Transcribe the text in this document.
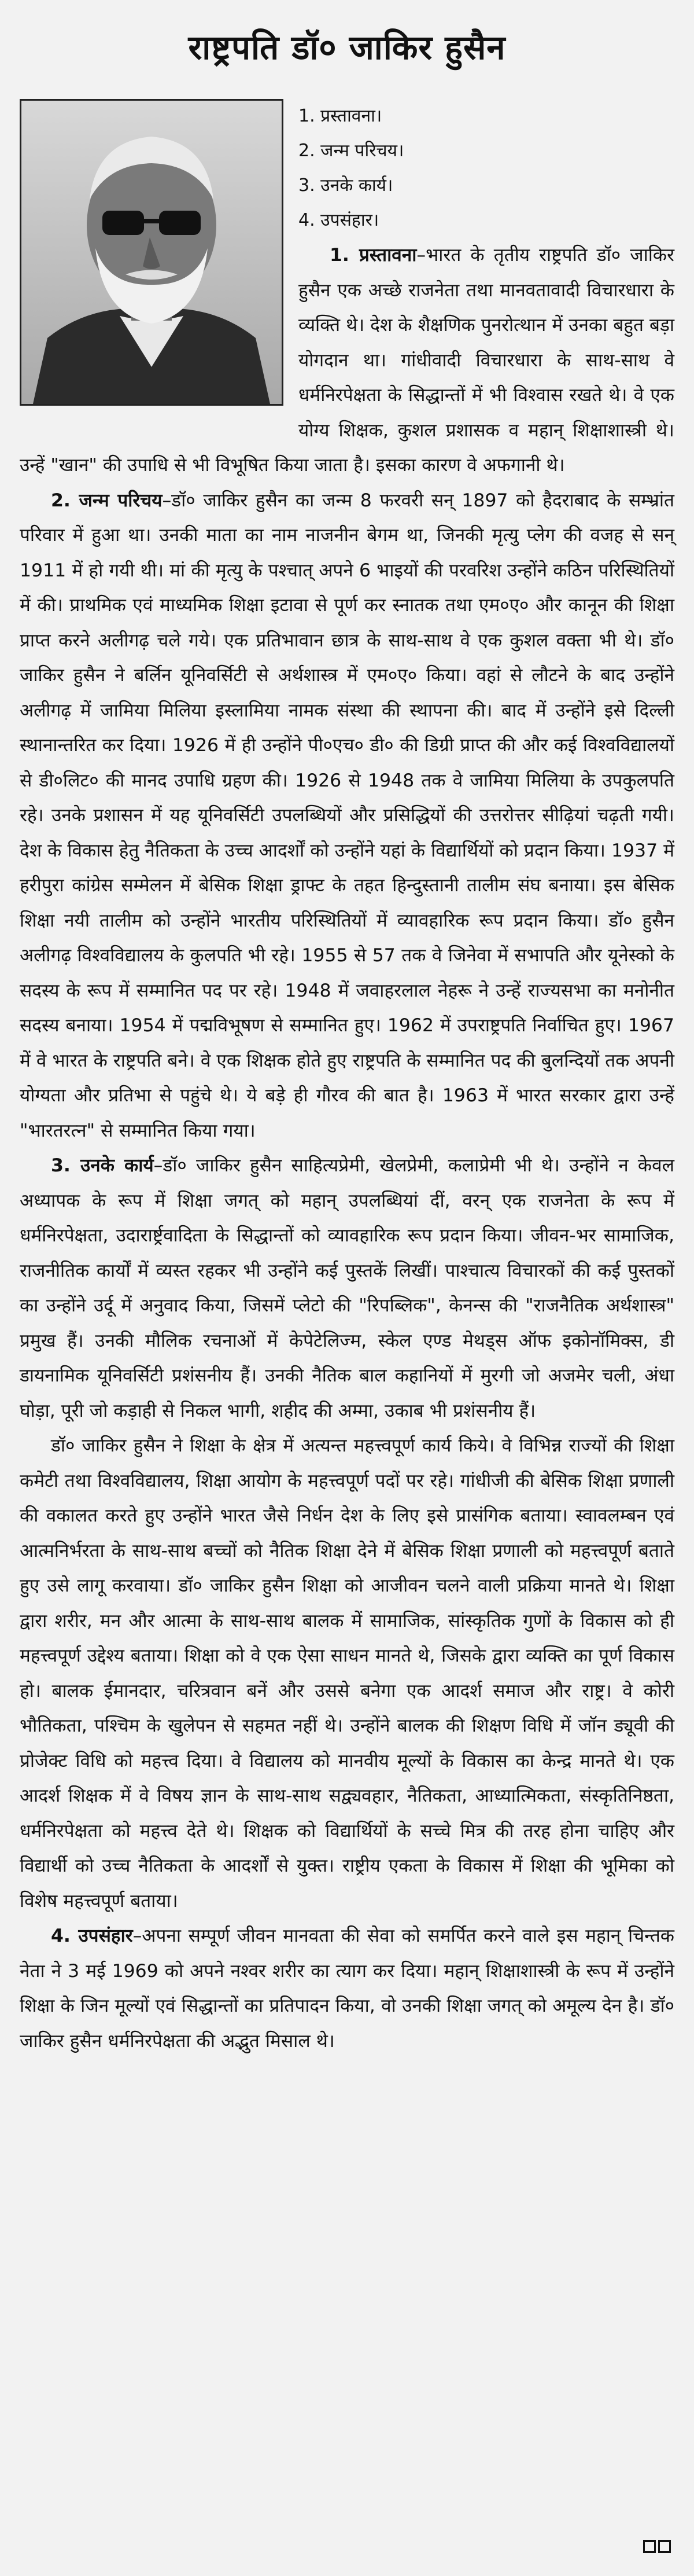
राष्ट्रपति डॉ० जाकिर हुसैन
1. प्रस्तावना।
2. जन्म परिचय।
3. उनके कार्य।
4. उपसंहार।

1. प्रस्तावना–भारत के तृतीय राष्ट्रपति डॉ० जाकिर हुसैन एक अच्छे राजनेता तथा मानवतावादी विचारधारा के व्यक्ति थे। देश के शैक्षणिक पुनरोत्थान में उनका बहुत बड़ा योगदान था। गांधीवादी विचारधारा के साथ-साथ वे धर्मनिरपेक्षता के सिद्धान्तों में भी विश्वास रखते थे। वे एक योग्य शिक्षक, कुशल प्रशासक व महान् शिक्षाशास्त्री थे। उन्हें "खान" की उपाधि से भी विभूषित किया जाता है। इसका कारण वे अफगानी थे।

2. जन्म परिचय–डॉ० जाकिर हुसैन का जन्म 8 फरवरी सन् 1897 को हैदराबाद के सम्भ्रांत परिवार में हुआ था। उनकी माता का नाम नाजनीन बेगम था, जिनकी मृत्यु प्लेग की वजह से सन् 1911 में हो गयी थी। मां की मृत्यु के पश्चात् अपने 6 भाइयों की परवरिश उन्होंने कठिन परिस्थितियों में की। प्राथमिक एवं माध्यमिक शिक्षा इटावा से पूर्ण कर स्नातक तथा एम०ए० और कानून की शिक्षा प्राप्त करने अलीगढ़ चले गये। एक प्रतिभावान छात्र के साथ-साथ वे एक कुशल वक्ता भी थे। डॉ० जाकिर हुसैन ने बर्लिन यूनिवर्सिटी से अर्थशास्त्र में एम०ए० किया। वहां से लौटने के बाद उन्होंने अलीगढ़ में जामिया मिलिया इस्लामिया नामक संस्था की स्थापना की। बाद में उन्होंने इसे दिल्ली स्थानान्तरित कर दिया। 1926 में ही उन्होंने पी०एच० डी० की डिग्री प्राप्त की और कई विश्वविद्यालयों से डी०लिट० की मानद उपाधि ग्रहण की। 1926 से 1948 तक वे जामिया मिलिया के उपकुलपति रहे। उनके प्रशासन में यह यूनिवर्सिटी उपलब्धियों और प्रसिद्धियों की उत्तरोत्तर सीढ़ियां चढ़ती गयी। देश के विकास हेतु नैतिकता के उच्च आदर्शों को उन्होंने यहां के विद्यार्थियों को प्रदान किया। 1937 में हरीपुरा कांग्रेस सम्मेलन में बेसिक शिक्षा ड्राफ्ट के तहत हिन्दुस्तानी तालीम संघ बनाया। इस बेसिक शिक्षा नयी तालीम को उन्होंने भारतीय परिस्थितियों में व्यावहारिक रूप प्रदान किया। डॉ० हुसैन अलीगढ़ विश्वविद्यालय के कुलपति भी रहे। 1955 से 57 तक वे जिनेवा में सभापति और यूनेस्को के सदस्य के रूप में सम्मानित पद पर रहे। 1948 में जवाहरलाल नेहरू ने उन्हें राज्यसभा का मनोनीत सदस्य बनाया। 1954 में पद्मविभूषण से सम्मानित हुए। 1962 में उपराष्ट्रपति निर्वाचित हुए। 1967 में वे भारत के राष्ट्रपति बने। वे एक शिक्षक होते हुए राष्ट्रपति के सम्मानित पद की बुलन्दियों तक अपनी योग्यता और प्रतिभा से पहुंचे थे। ये बड़े ही गौरव की बात है। 1963 में भारत सरकार द्वारा उन्हें "भारतरत्न" से सम्मानित किया गया।

3. उनके कार्य–डॉ० जाकिर हुसैन साहित्यप्रेमी, खेलप्रेमी, कलाप्रेमी भी थे। उन्होंने न केवल अध्यापक के रूप में शिक्षा जगत् को महान् उपलब्धियां दीं, वरन् एक राजनेता के रूप में धर्मनिरपेक्षता, उदारार्ष्ट्रवादिता के सिद्धान्तों को व्यावहारिक रूप प्रदान किया। जीवन-भर सामाजिक, राजनीतिक कार्यों में व्यस्त रहकर भी उन्होंने कई पुस्तकें लिखीं। पाश्चात्य विचारकों की कई पुस्तकों का उन्होंने उर्दू में अनुवाद किया, जिसमें प्लेटो की "रिपब्लिक", केनन्स की "राजनैतिक अर्थशास्त्र" प्रमुख हैं। उनकी मौलिक रचनाओं में केपेटेलिज्म, स्केल एण्ड मेथड्स ऑफ इकोनॉमिक्स, डी डायनामिक यूनिवर्सिटी प्रशंसनीय हैं। उनकी नैतिक बाल कहानियों में मुरगी जो अजमेर चली, अंधा घोड़ा, पूरी जो कड़ाही से निकल भागी, शहीद की अम्मा, उकाब भी प्रशंसनीय हैं।

डॉ० जाकिर हुसैन ने शिक्षा के क्षेत्र में अत्यन्त महत्त्वपूर्ण कार्य किये। वे विभिन्न राज्यों की शिक्षा कमेटी तथा विश्वविद्यालय, शिक्षा आयोग के महत्त्वपूर्ण पदों पर रहे। गांधीजी की बेसिक शिक्षा प्रणाली की वकालत करते हुए उन्होंने भारत जैसे निर्धन देश के लिए इसे प्रासंगिक बताया। स्वावलम्बन एवं आत्मनिर्भरता के साथ-साथ बच्चों को नैतिक शिक्षा देने में बेसिक शिक्षा प्रणाली को महत्त्वपूर्ण बताते हुए उसे लागू करवाया। डॉ० जाकिर हुसैन शिक्षा को आजीवन चलने वाली प्रक्रिया मानते थे। शिक्षा द्वारा शरीर, मन और आत्मा के साथ-साथ बालक में सामाजिक, सांस्कृतिक गुणों के विकास को ही महत्त्वपूर्ण उद्देश्य बताया। शिक्षा को वे एक ऐसा साधन मानते थे, जिसके द्वारा व्यक्ति का पूर्ण विकास हो। बालक ईमानदार, चरित्रवान बनें और उससे बनेगा एक आदर्श समाज और राष्ट्र। वे कोरी भौतिकता, पश्चिम के खुलेपन से सहमत नहीं थे। उन्होंने बालक की शिक्षण विधि में जॉन ड्यूवी की प्रोजेक्ट विधि को महत्त्व दिया। वे विद्यालय को मानवीय मूल्यों के विकास का केन्द्र मानते थे। एक आदर्श शिक्षक में वे विषय ज्ञान के साथ-साथ सद्व्यवहार, नैतिकता, आध्यात्मिकता, संस्कृतिनिष्ठता, धर्मनिरपेक्षता को महत्त्व देते थे। शिक्षक को विद्यार्थियों के सच्चे मित्र की तरह होना चाहिए और विद्यार्थी को उच्च नैतिकता के आदर्शों से युक्त। राष्ट्रीय एकता के विकास में शिक्षा की भूमिका को विशेष महत्त्वपूर्ण बताया।

4. उपसंहार–अपना सम्पूर्ण जीवन मानवता की सेवा को समर्पित करने वाले इस महान् चिन्तक नेता ने 3 मई 1969 को अपने नश्वर शरीर का त्याग कर दिया। महान् शिक्षाशास्त्री के रूप में उन्होंने शिक्षा के जिन मूल्यों एवं सिद्धान्तों का प्रतिपादन किया, वो उनकी शिक्षा जगत् को अमूल्य देन है। डॉ० जाकिर हुसैन धर्मनिरपेक्षता की अद्भुत मिसाल थे।
